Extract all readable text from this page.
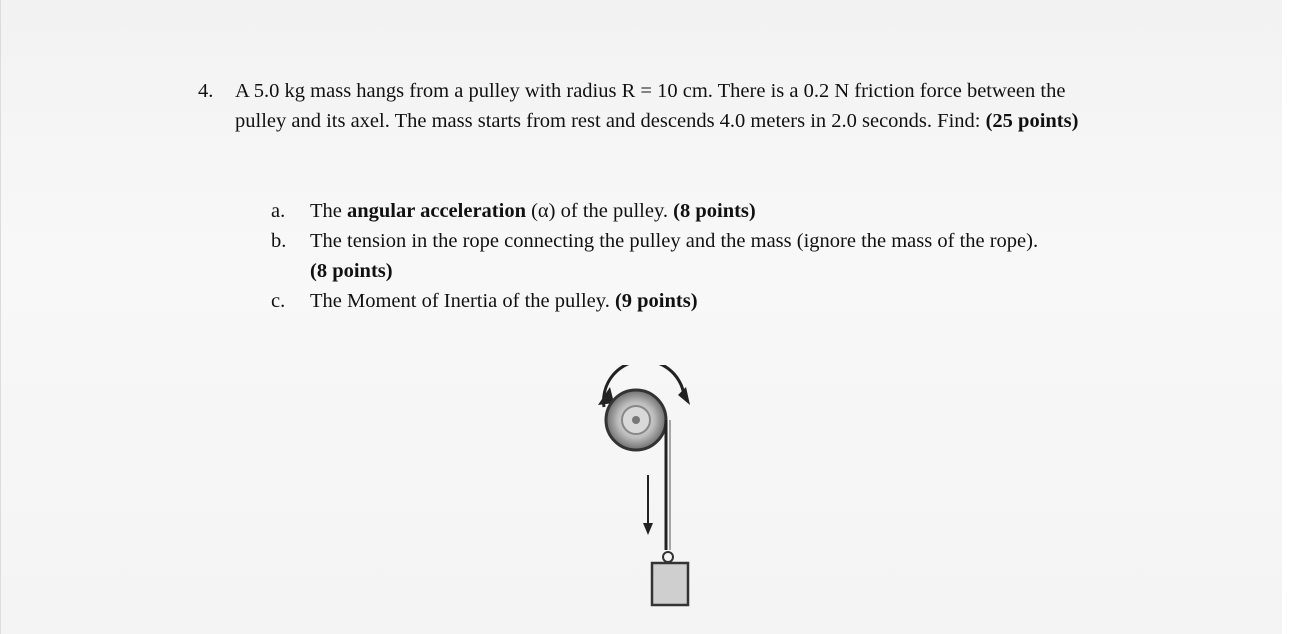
4. A 5.0 kg mass hangs from a pulley with radius R = 10 cm. There is a 0.2 N friction force between the pulley and its axel. The mass starts from rest and descends 4.0 meters in 2.0 seconds. Find: (25 points)
a. The angular acceleration (α) of the pulley. (8 points)
b. The tension in the rope connecting the pulley and the mass (ignore the mass of the rope).
(8 points)
c. The Moment of Inertia of the pulley. (9 points)
